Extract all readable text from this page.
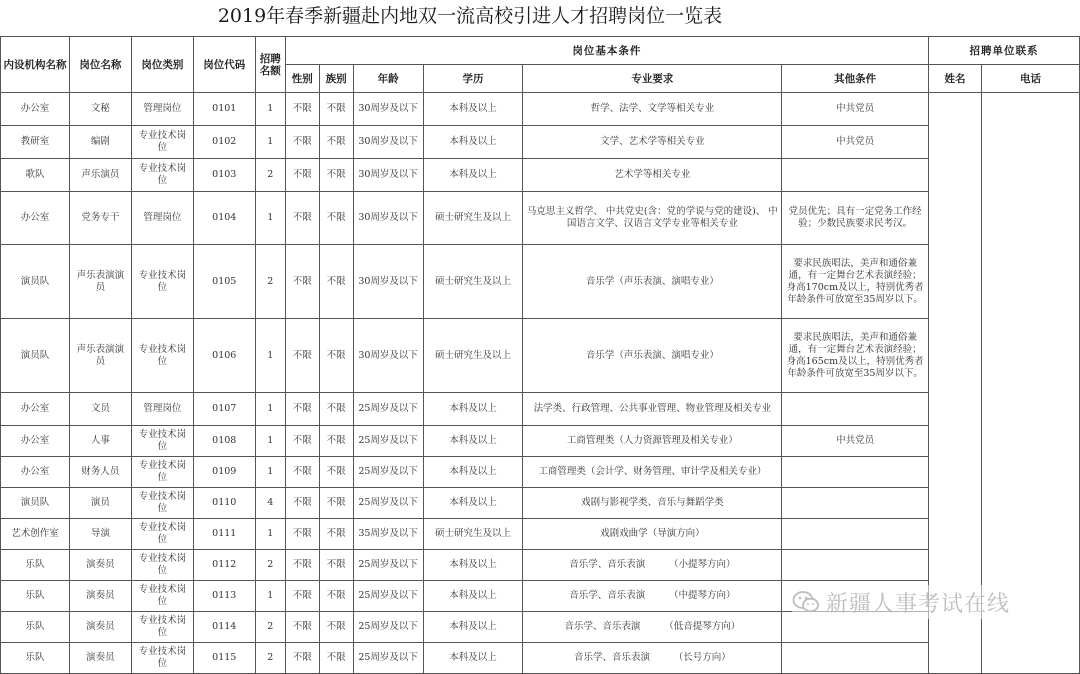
2019年春季新疆赴内地双一流高校引进人才招聘岗位一览表
内设机构名称	岗位名称	岗位类别	岗位代码	招聘名额	岗位基本条件						招聘单位联系	
					性别	族别	年龄	学历	专业要求	其他条件	姓名	电话
办公室	文秘	管理岗位	0101	1	不限	不限	30周岁及以下	本科及以上	哲学、法学、文学等相关专业	中共党员		
教研室	编剧	专业技术岗位	0102	1	不限	不限	30周岁及以下	本科及以上	文学、艺术学等相关专业	中共党员		
歌队	声乐演员	专业技术岗位	0103	2	不限	不限	30周岁及以下	本科及以上	艺术学等相关专业			
办公室	党务专干	管理岗位	0104	1	不限	不限	30周岁及以下	硕士研究生及以上	马克思主义哲学、 中共党史(含：党的学说与党的建设)、 中国语言文学、汉语言文学专业等相关专业	党员优先；具有一定党务工作经验；少数民族要求民考汉。		
演员队	声乐表演演员	专业技术岗位	0105	2	不限	不限	30周岁及以下	硕士研究生及以上	音乐学（声乐表演、演唱专业）	要求民族唱法，美声和通俗兼通，有一定舞台艺术表演经验；身高170cm及以上，特别优秀者年龄条件可放宽至35周岁以下。		
演员队	声乐表演演员	专业技术岗位	0106	1	不限	不限	30周岁及以下	硕士研究生及以上	音乐学（声乐表演、演唱专业）	要求民族唱法，美声和通俗兼通，有一定舞台艺术表演经验；身高165cm及以上，特别优秀者年龄条件可放宽至35周岁以下。		
办公室	文员	管理岗位	0107	1	不限	不限	25周岁及以下	本科及以上	法学类、行政管理、公共事业管理、物业管理及相关专业			
办公室	人事	专业技术岗位	0108	1	不限	不限	25周岁及以下	本科及以上	工商管理类（人力资源管理及相关专业）	中共党员		
办公室	财务人员	专业技术岗位	0109	1	不限	不限	25周岁及以下	本科及以上	工商管理类（会计学、财务管理、审计学及相关专业）			
演员队	演员	专业技术岗位	0110	4	不限	不限	25周岁及以下	本科及以上	戏剧与影视学类、音乐与舞蹈学类			
艺术创作室	导演	专业技术岗位	0111	1	不限	不限	35周岁及以下	硕士研究生及以上	戏剧戏曲学（导演方向）			
乐队	演奏员	专业技术岗位	0112	2	不限	不限	25周岁及以下	本科及以上	音乐学、音乐表演　　　（小提琴方向）			
乐队	演奏员	专业技术岗位	0113	1	不限	不限	25周岁及以下	本科及以上	音乐学、音乐表演　　　（中提琴方向）			
乐队	演奏员	专业技术岗位	0114	2	不限	不限	25周岁及以下	本科及以上	音乐学、音乐表演　　　（低音提琴方向）			
乐队	演奏员	专业技术岗位	0115	2	不限	不限	25周岁及以下	本科及以上	音乐学、音乐表演　　　（长号方向）			
新疆人事考试在线
